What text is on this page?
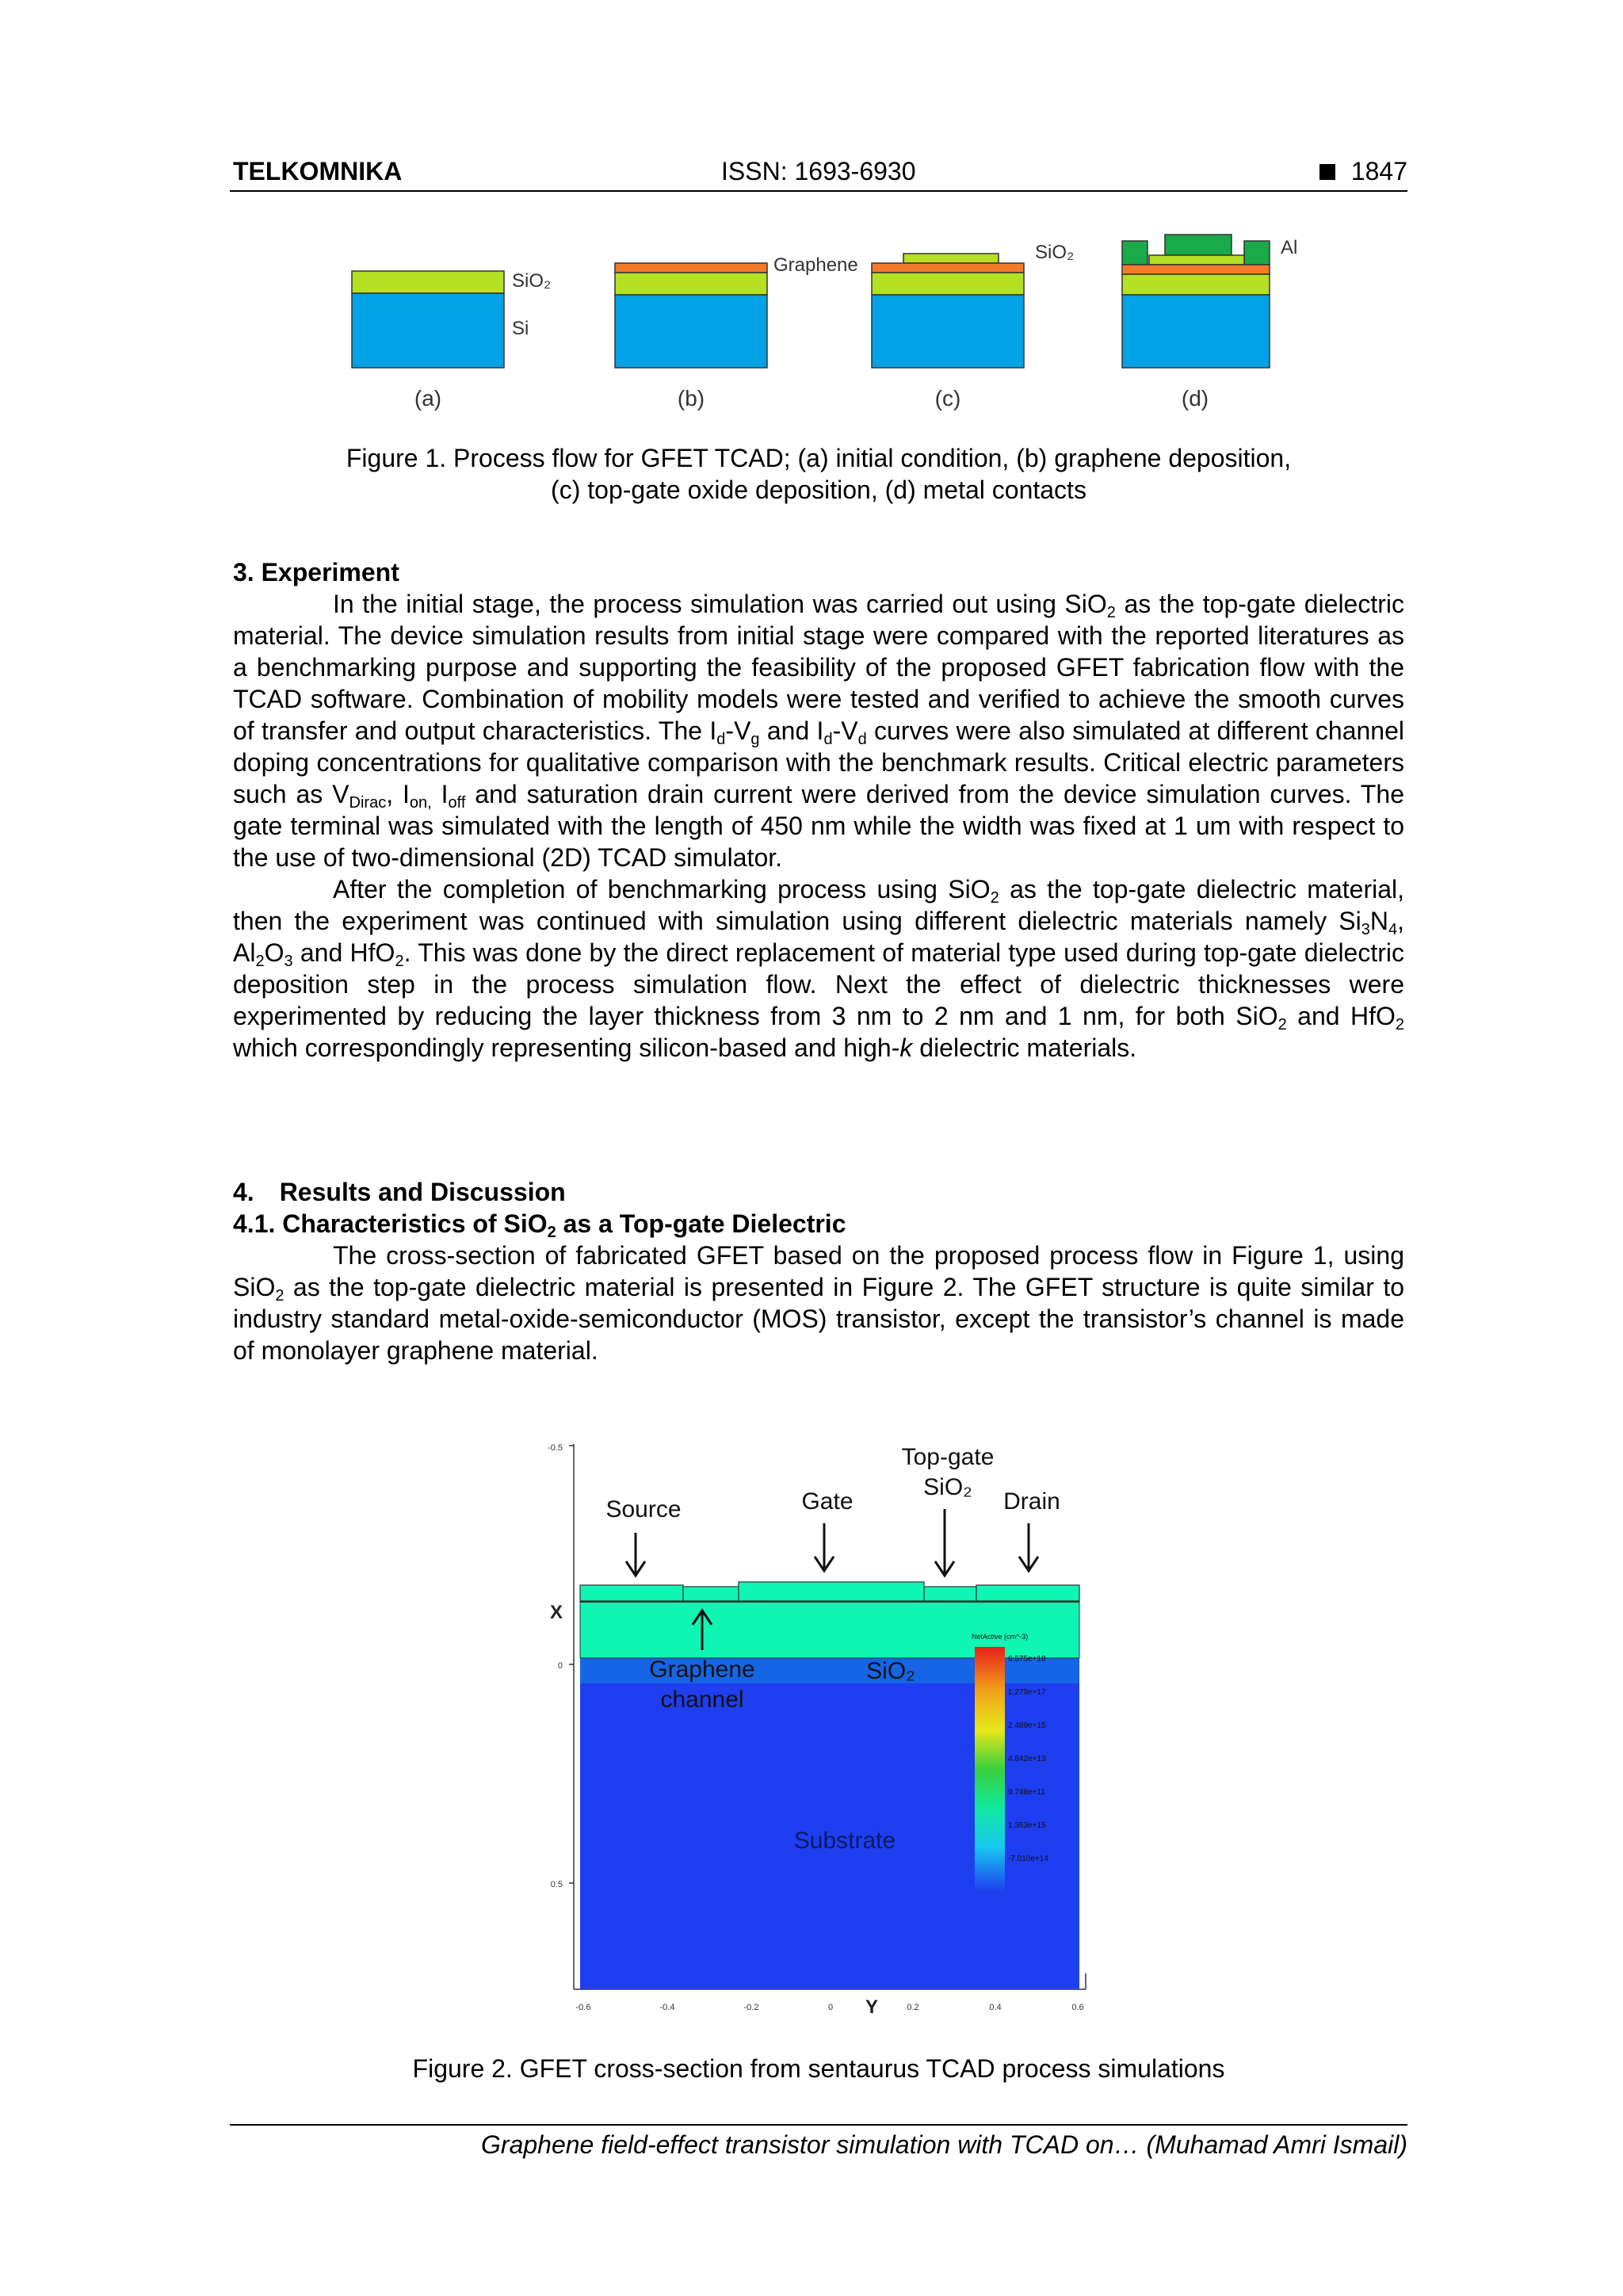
TELKOMNIKA	ISSN: 1693-6930	1847
SiO₂
Si
(a)
Graphene
(b)
SiO₂
(c)
Al
(d)
Figure 1. Process flow for GFET TCAD; (a) initial condition, (b) graphene deposition,
(c) top-gate oxide deposition, (d) metal contacts
3. Experiment

In the initial stage, the process simulation was carried out using SiO$_2$ as the top-gate dielectric material. The device simulation results from initial stage were compared with the reported literatures as a benchmarking purpose and supporting the feasibility of the proposed GFET fabrication flow with the TCAD software. Combination of mobility models were tested and verified to achieve the smooth curves of transfer and output characteristics. The $I_d-V_g$ and $I_d-V_d$ curves were also simulated at different channel doping concentrations for qualitative comparison with the benchmark results. Critical electric parameters such as $V_{Dirac}$, $I_{on,}$ $I_{off}$ and saturation drain current were derived from the device simulation curves. The gate terminal was simulated with the length of 450 nm while the width was fixed at 1 um with respect to the use of two-dimensional (2D) TCAD simulator.

After the completion of benchmarking process using SiO$_2$ as the top-gate dielectric material, then the experiment was continued with simulation using different dielectric materials namely $Si_3N_4$, $Al_2O_3$ and HfO$_2$. This was done by the direct replacement of material type used during top-gate dielectric deposition step in the process simulation flow. Next the effect of dielectric thicknesses were experimented by reducing the layer thickness from 3 nm to 2 nm and 1 nm, for both SiO$_2$ and HfO$_2$ which correspondingly representing silicon-based and high-k dielectric materials.

4. Results and Discussion
4.1. Characteristics of SiO$_2$ as a Top-gate Dielectric

The cross-section of fabricated GFET based on the proposed process flow in Figure 1, using SiO$_2$ as the top-gate dielectric material is presented in Figure 2. The GFET structure is quite similar to industry standard metal-oxide-semiconductor (MOS) transistor, except the transistor’s channel is made of monolayer graphene material.

-0.5
0
0.5
X
-0.6	-0.4	-0.2	0	0.2	0.4	0.6
Y
Source	Gate
Top-gate
SiO₂
Drain
Graphene
channel
SiO₂
Substrate
NetActive (cm^-3)
6.575e+18
1.279e+17
2.489e+15
4.842e+13
9.748e+11
1.363e+15
-7.010e+14
Figure 2. GFET cross-section from sentaurus TCAD process simulations
Graphene field-effect transistor simulation with TCAD on… (Muhamad Amri Ismail)
